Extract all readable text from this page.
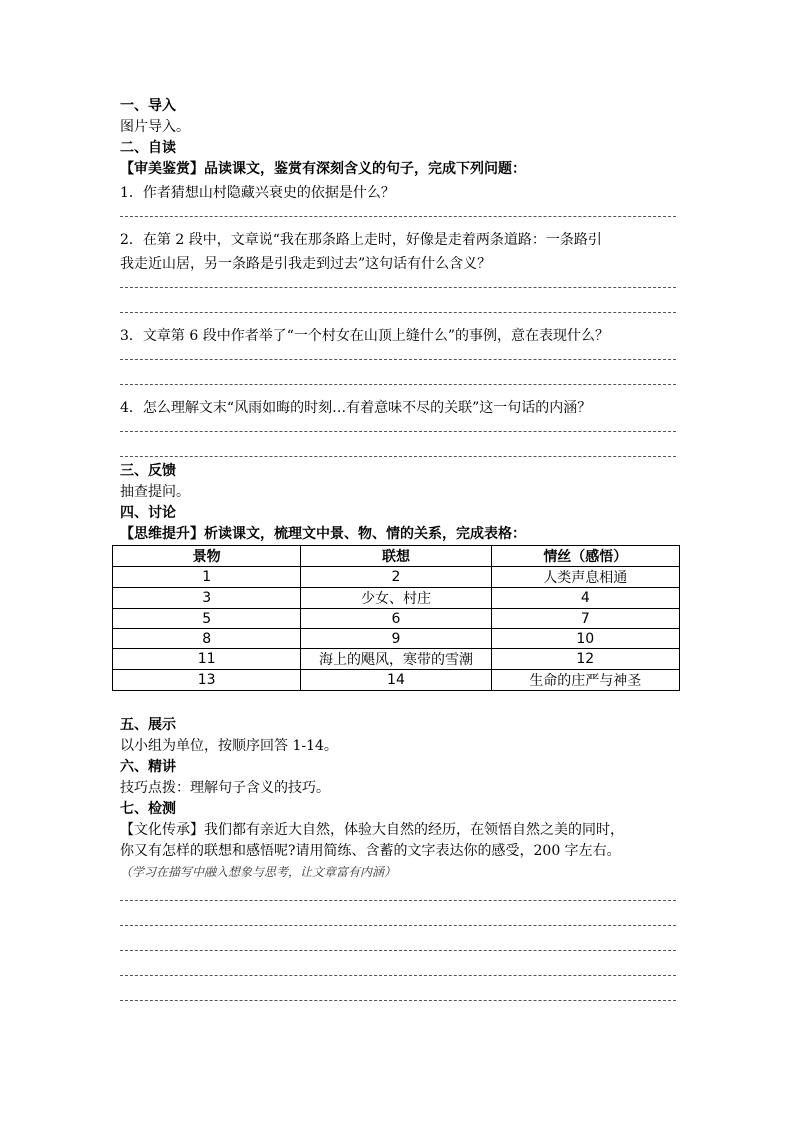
一、导入
图片导入。
二、自读
【审美鉴赏】品读课文，鉴赏有深刻含义的句子，完成下列问题：
1．作者猜想山村隐藏兴衰史的依据是什么？
2．在第 2 段中，文章说“我在那条路上走时，好像是走着两条道路：一条路引
我走近山居，另一条路是引我走到过去”这句话有什么含义？
3．文章第 6 段中作者举了“一个村女在山顶上缝什么”的事例，意在表现什么？
4．怎么理解文末“风雨如晦的时刻…有着意味不尽的关联”这一句话的内涵？
三、反馈
抽查提问。
四、讨论
【思维提升】析读课文，梳理文中景、物、情的关系，完成表格：
景物	联想	情丝（感悟）
1	2	人类声息相通
3	少女、村庄	4
5	6	7
8	9	10
11	海上的飓风，寒带的雪潮	12
13	14	生命的庄严与神圣
五、展示
以小组为单位，按顺序回答 1-14。
六、精讲
技巧点拨：理解句子含义的技巧。
七、检测
【文化传承】我们都有亲近大自然，体验大自然的经历，在领悟自然之美的同时，
你又有怎样的联想和感悟呢?请用简练、含蓄的文字表达你的感受，200 字左右。
（学习在描写中融入想象与思考，让文章富有内涵）
